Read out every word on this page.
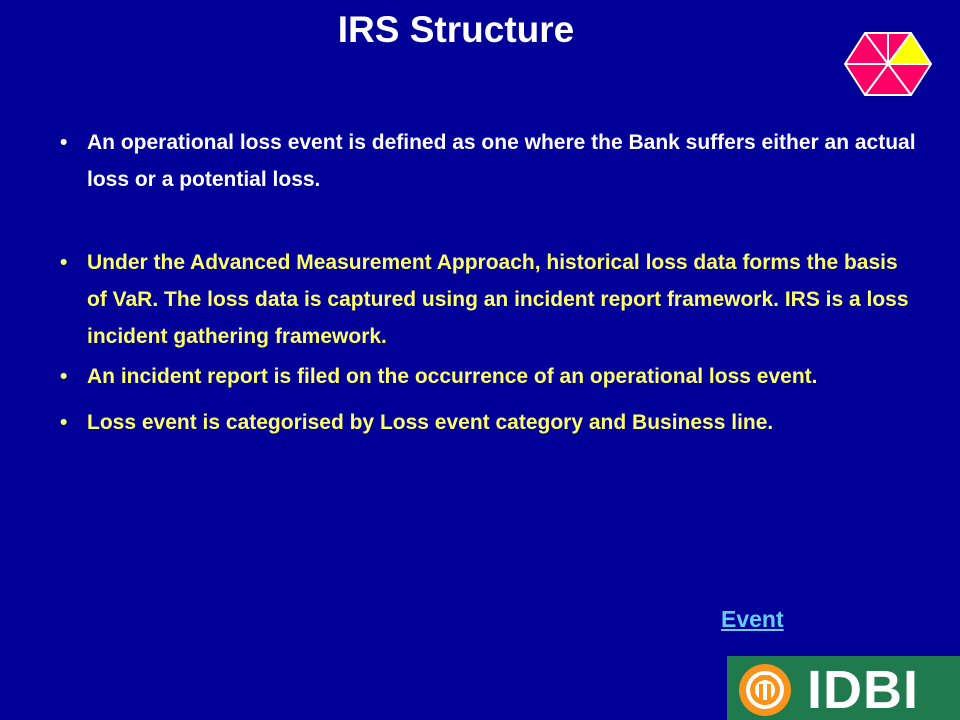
IRS Structure
• An operational loss event is defined as one where the Bank suffers either an actual loss or a potential loss.
• Under the Advanced Measurement Approach, historical loss data forms the basis of VaR. The loss data is captured using an incident report framework. IRS is a loss incident gathering framework.
• An incident report is filed on the occurrence of an operational loss event.
• Loss event is categorised by Loss event category and Business line.
Event
IDBI
